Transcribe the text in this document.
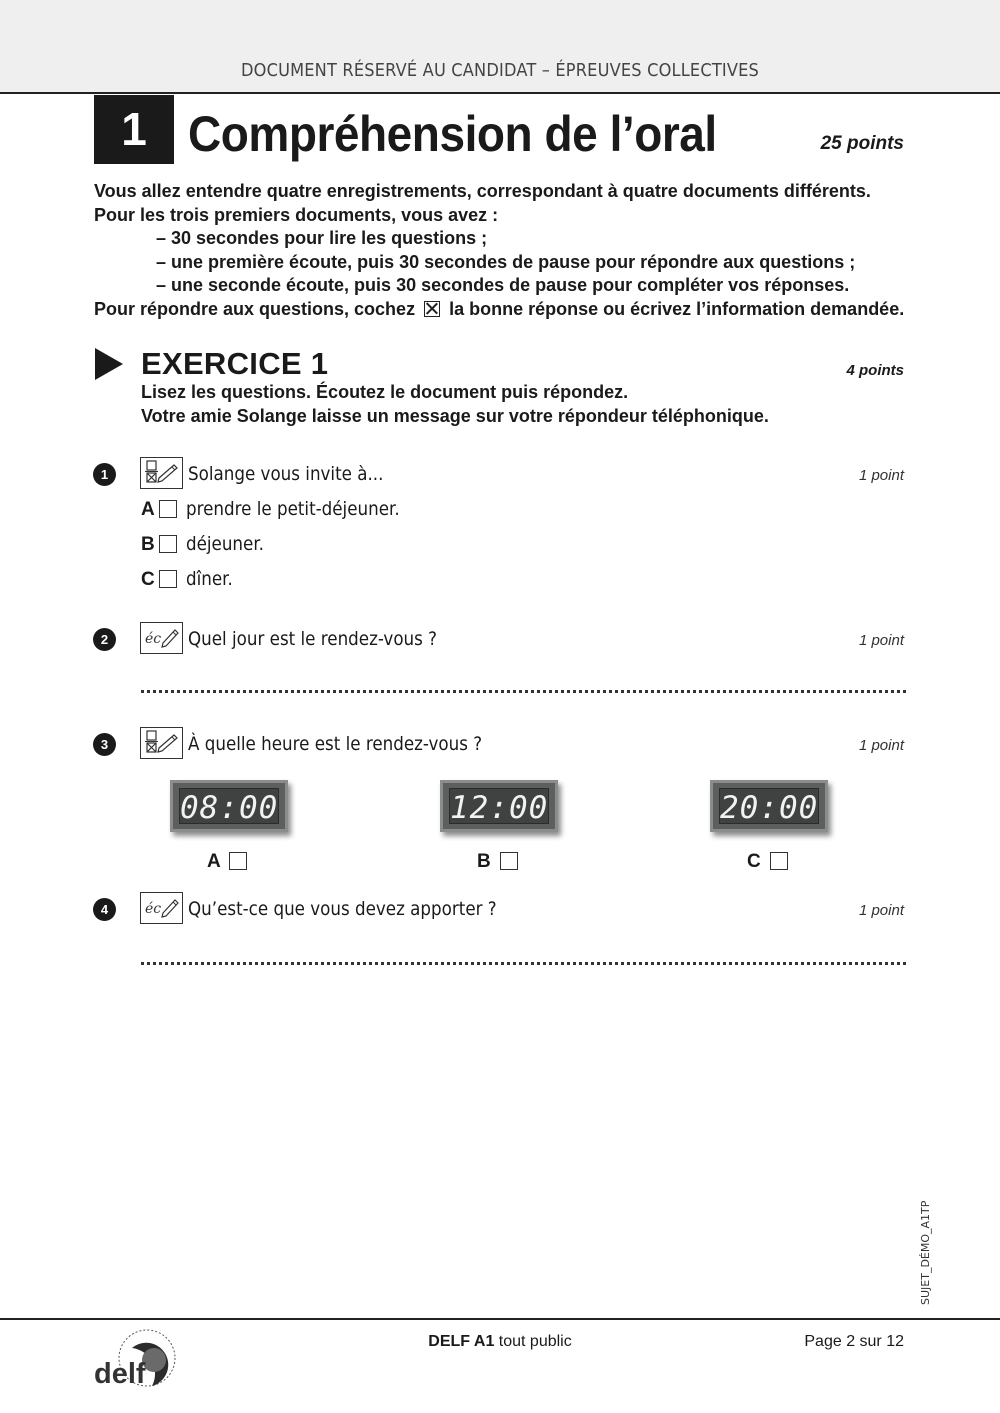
DOCUMENT RÉSERVÉ AU CANDIDAT – ÉPREUVES COLLECTIVES
1 Compréhension de l’oral	25 points
Vous allez entendre quatre enregistrements, correspondant à quatre documents différents. Pour les trois premiers documents, vous avez :
– 30 secondes pour lire les questions ;
– une première écoute, puis 30 secondes de pause pour répondre aux questions ;
– une seconde écoute, puis 30 secondes de pause pour compléter vos réponses.
Pour répondre aux questions, cochez la bonne réponse ou écrivez l’information demandée.
EXERCICE 1	4 points
Lisez les questions. Écoutez le document puis répondez.
Votre amie Solange laisse un message sur votre répondeur téléphonique.
1	Solange vous invite à...	1 point
A prendre le petit-déjeuner.
B déjeuner.
C dîner.
2	éc Quel jour est le rendez-vous ?	1 point
3	À quelle heure est le rendez-vous ?	1 point
08:00	12:00	20:00
A	B	C
4	éc Qu’est-ce que vous devez apporter ?	1 point
SUJET_DÉMO_A1TP
delf
DELF A1 tout public	Page 2 sur 12
